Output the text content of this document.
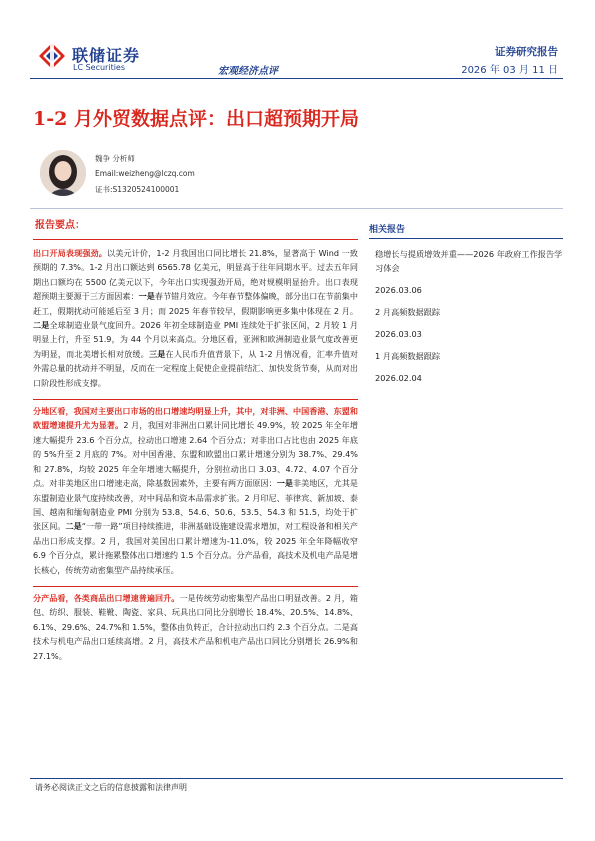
联储证券
LC Securities	宏观经济点评
证券研究报告
2026 年 03 月 11 日
1-2 月外贸数据点评：出口超预期开局
魏争 分析师
Email:weizheng@lczq.com
证书:S1320524100001
报告要点：

出口开局表现强劲。以美元计价，1-2 月我国出口同比增长 21.8%，显著高于 Wind 一致预期的 7.3%。1-2 月出口额达到 6565.78 亿美元，明显高于往年同期水平。过去五年同期出口额均在 5500 亿美元以下，今年出口实现强劲开局，绝对规模明显抬升。出口表现超预期主要源于三方面因素：一是春节错月效应。今年春节整体偏晚，部分出口在节前集中赶工，假期扰动可能延后至 3 月；而 2025 年春节较早，假期影响更多集中体现在 2 月。二是全球制造业景气度回升。2026 年初全球制造业 PMI 连续处于扩张区间，2 月较 1 月明显上行，升至 51.9，为 44 个月以来高点。分地区看，亚洲和欧洲制造业景气度改善更为明显，而北美增长相对放缓。三是在人民币升值背景下，从 1-2 月情况看，汇率升值对外需总量的扰动并不明显，反而在一定程度上促使企业提前结汇、加快发货节奏，从而对出口阶段性形成支撑。

分地区看，我国对主要出口市场的出口增速均明显上升，其中，对非洲、中国香港、东盟和欧盟增速提升尤为显著。2 月，我国对非洲出口累计同比增长 49.9%，较 2025 年全年增速大幅提升 23.6 个百分点，拉动出口增速 2.64 个百分点；对非出口占比也由 2025 年底的 5%升至 2 月底的 7%。对中国香港、东盟和欧盟出口累计增速分别为 38.7%、29.4%和 27.8%，均较 2025 年全年增速大幅提升，分别拉动出口 3.03、4.72、4.07 个百分点。对非美地区出口增速走高，除基数因素外，主要有两方面原因：一是非美地区，尤其是东盟制造业景气度持续改善，对中间品和资本品需求扩张。2 月印尼、菲律宾、新加坡、泰国、越南和缅甸制造业 PMI 分别为 53.8、54.6、50.6、53.5、54.3 和 51.5，均处于扩张区间。二是“一带一路”项目持续推进，非洲基础设施建设需求增加，对工程设备和相关产品出口形成支撑。2 月，我国对美国出口累计增速为-11.0%，较 2025 年全年降幅收窄 6.9 个百分点，累计拖累整体出口增速约 1.5 个百分点。分产品看，高技术及机电产品是增长核心，传统劳动密集型产品持续承压。

分产品看，各类商品出口增速普遍回升。一是传统劳动密集型产品出口明显改善。2 月，箱包、纺织、服装、鞋靴、陶瓷、家具、玩具出口同比分别增长 18.4%、20.5%、14.8%、6.1%、29.6%、24.7%和 1.5%，整体由负转正，合计拉动出口约 2.3 个百分点。二是高技术与机电产品出口延续高增。2 月，高技术产品和机电产品出口同比分别增长 26.9%和 27.1%。

相关报告
稳增长与提质增效并重——2026 年政府工作报告学习体会
2026.03.06
2 月高频数据跟踪
2026.03.03
1 月高频数据跟踪
2026.02.04
请务必阅读正文之后的信息披露和法律声明
